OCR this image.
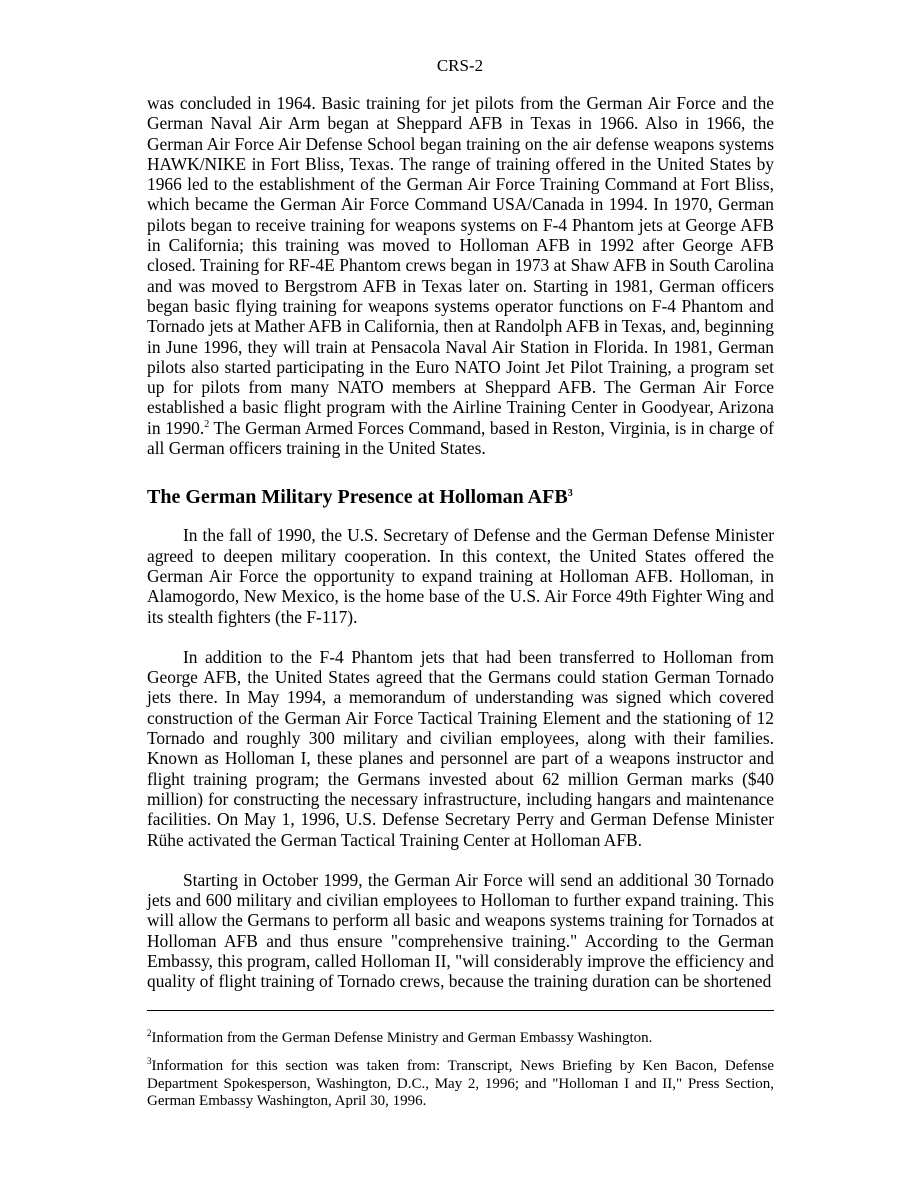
CRS-2

was concluded in 1964. Basic training for jet pilots from the German Air Force and the German Naval Air Arm began at Sheppard AFB in Texas in 1966. Also in 1966, the German Air Force Air Defense School began training on the air defense weapons systems HAWK/NIKE in Fort Bliss, Texas. The range of training offered in the United States by 1966 led to the establishment of the German Air Force Training Command at Fort Bliss, which became the German Air Force Command USA/Canada in 1994. In 1970, German pilots began to receive training for weapons systems on F-4 Phantom jets at George AFB in California; this training was moved to Holloman AFB in 1992 after George AFB closed. Training for RF-4E Phantom crews began in 1973 at Shaw AFB in South Carolina and was moved to Bergstrom AFB in Texas later on. Starting in 1981, German officers began basic flying training for weapons systems operator functions on F-4 Phantom and Tornado jets at Mather AFB in California, then at Randolph AFB in Texas, and, beginning in June 1996, they will train at Pensacola Naval Air Station in Florida. In 1981, German pilots also started participating in the Euro NATO Joint Jet Pilot Training, a program set up for pilots from many NATO members at Sheppard AFB. The German Air Force established a basic flight program with the Airline Training Center in Goodyear, Arizona in 1990.$^2$ The German Armed Forces Command, based in Reston, Virginia, is in charge of all German officers training in the United States.

The German Military Presence at Holloman AFB$^3$

In the fall of 1990, the U.S. Secretary of Defense and the German Defense Minister agreed to deepen military cooperation. In this context, the United States offered the German Air Force the opportunity to expand training at Holloman AFB. Holloman, in Alamogordo, New Mexico, is the home base of the U.S. Air Force 49th Fighter Wing and its stealth fighters (the F-117).

In addition to the F-4 Phantom jets that had been transferred to Holloman from George AFB, the United States agreed that the Germans could station German Tornado jets there. In May 1994, a memorandum of understanding was signed which covered construction of the German Air Force Tactical Training Element and the stationing of 12 Tornado and roughly 300 military and civilian employees, along with their families. Known as Holloman I, these planes and personnel are part of a weapons instructor and flight training program; the Germans invested about 62 million German marks ($40 million) for constructing the necessary infrastructure, including hangars and maintenance facilities. On May 1, 1996, U.S. Defense Secretary Perry and German Defense Minister Rühe activated the German Tactical Training Center at Holloman AFB.

Starting in October 1999, the German Air Force will send an additional 30 Tornado jets and 600 military and civilian employees to Holloman to further expand training. This will allow the Germans to perform all basic and weapons systems training for Tornados at Holloman AFB and thus ensure "comprehensive training." According to the German Embassy, this program, called Holloman II, "will considerably improve the efficiency and quality of flight training of Tornado crews, because the training duration can be shortened

$^2$Information from the German Defense Ministry and German Embassy Washington.

$^3$Information for this section was taken from: Transcript, News Briefing by Ken Bacon, Defense Department Spokesperson, Washington, D.C., May 2, 1996; and "Holloman I and II," Press Section, German Embassy Washington, April 30, 1996.
